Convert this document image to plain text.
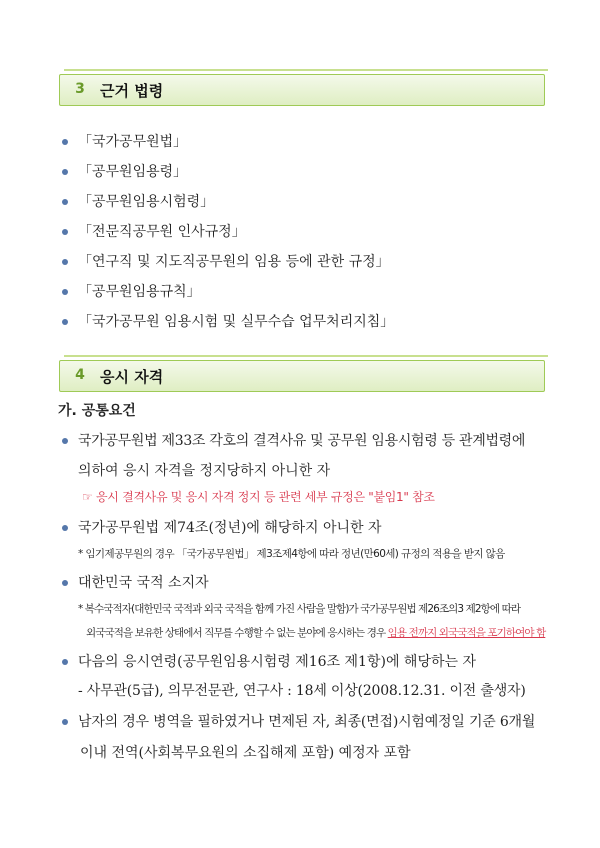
3 근거 법령
「국가공무원법」
「공무원임용령」
「공무원임용시험령」
「전문직공무원 인사규정」
「연구직 및 지도직공무원의 임용 등에 관한 규정」
「공무원임용규칙」
「국가공무원 임용시험 및 실무수습 업무처리지침」
4 응시 자격
가. 공통요건
국가공무원법 제33조 각호의 결격사유 및 공무원 임용시험령 등 관계법령에
의하여 응시 자격을 정지당하지 아니한 자
☞ 응시 결격사유 및 응시 자격 정지 등 관련 세부 규정은 "붙임1" 참조
국가공무원법 제74조(정년)에 해당하지 아니한 자
* 임기제공무원의 경우 「국가공무원법」 제3조제4항에 따라 정년(만60세) 규정의 적용을 받지 않음
대한민국 국적 소지자
* 복수국적자(대한민국 국적과 외국 국적을 함께 가진 사람을 말함)가 국가공무원법 제26조의3 제2항에 따라
외국국적을 보유한 상태에서 직무를 수행할 수 없는 분야에 응시하는 경우 임용 전까지 외국국적을 포기하여야 함
다음의 응시연령(공무원임용시험령 제16조 제1항)에 해당하는 자
- 사무관(5급), 의무전문관, 연구사 : 18세 이상(2008.12.31. 이전 출생자)
남자의 경우 병역을 필하였거나 면제된 자, 최종(면접)시험예정일 기준 6개월
이내 전역(사회복무요원의 소집해제 포함) 예정자 포함
